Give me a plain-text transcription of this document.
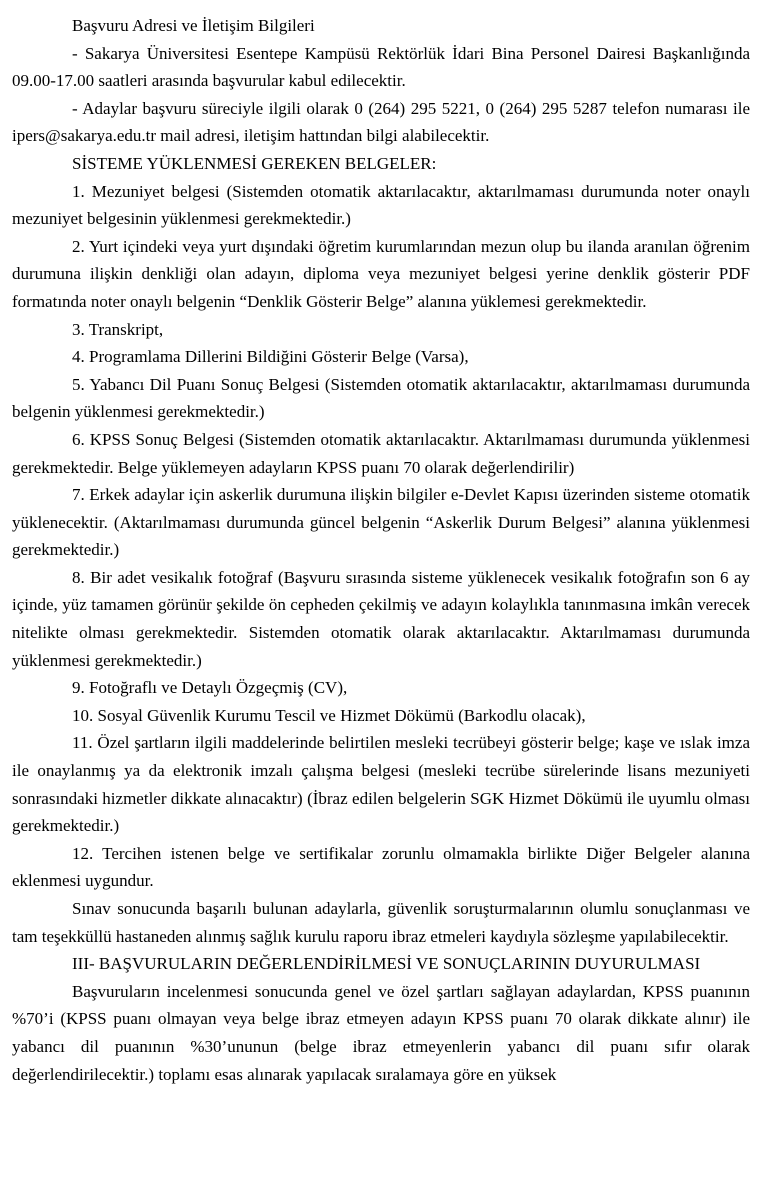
Başvuru Adresi ve İletişim Bilgileri

- Sakarya Üniversitesi Esentepe Kampüsü Rektörlük İdari Bina Personel Dairesi Başkanlığında 09.00-17.00 saatleri arasında başvurular kabul edilecektir.

- Adaylar başvuru süreciyle ilgili olarak 0 (264) 295 5221, 0 (264) 295 5287 telefon numarası ile ipers@sakarya.edu.tr mail adresi, iletişim hattından bilgi alabilecektir.

SİSTEME YÜKLENMESİ GEREKEN BELGELER:

1. Mezuniyet belgesi (Sistemden otomatik aktarılacaktır, aktarılmaması durumunda noter onaylı mezuniyet belgesinin yüklenmesi gerekmektedir.)

2. Yurt içindeki veya yurt dışındaki öğretim kurumlarından mezun olup bu ilanda aranılan öğrenim durumuna ilişkin denkliği olan adayın, diploma veya mezuniyet belgesi yerine denklik gösterir PDF formatında noter onaylı belgenin “Denklik Gösterir Belge” alanına yüklemesi gerekmektedir.

3. Transkript,

4. Programlama Dillerini Bildiğini Gösterir Belge (Varsa),

5. Yabancı Dil Puanı Sonuç Belgesi (Sistemden otomatik aktarılacaktır, aktarılmaması durumunda belgenin yüklenmesi gerekmektedir.)

6. KPSS Sonuç Belgesi (Sistemden otomatik aktarılacaktır. Aktarılmaması durumunda yüklenmesi gerekmektedir. Belge yüklemeyen adayların KPSS puanı 70 olarak değerlendirilir)

7. Erkek adaylar için askerlik durumuna ilişkin bilgiler e-Devlet Kapısı üzerinden sisteme otomatik yüklenecektir. (Aktarılmaması durumunda güncel belgenin “Askerlik Durum Belgesi” alanına yüklenmesi gerekmektedir.)

8. Bir adet vesikalık fotoğraf (Başvuru sırasında sisteme yüklenecek vesikalık fotoğrafın son 6 ay içinde, yüz tamamen görünür şekilde ön cepheden çekilmiş ve adayın kolaylıkla tanınmasına imkân verecek nitelikte olması gerekmektedir. Sistemden otomatik olarak aktarılacaktır. Aktarılmaması durumunda yüklenmesi gerekmektedir.)

9. Fotoğraflı ve Detaylı Özgeçmiş (CV),

10. Sosyal Güvenlik Kurumu Tescil ve Hizmet Dökümü (Barkodlu olacak),

11. Özel şartların ilgili maddelerinde belirtilen mesleki tecrübeyi gösterir belge; kaşe ve ıslak imza ile onaylanmış ya da elektronik imzalı çalışma belgesi (mesleki tecrübe sürelerinde lisans mezuniyeti sonrasındaki hizmetler dikkate alınacaktır) (İbraz edilen belgelerin SGK Hizmet Dökümü ile uyumlu olması gerekmektedir.)

12. Tercihen istenen belge ve sertifikalar zorunlu olmamakla birlikte Diğer Belgeler alanına eklenmesi uygundur.

Sınav sonucunda başarılı bulunan adaylarla, güvenlik soruşturmalarının olumlu sonuçlanması ve tam teşekküllü hastaneden alınmış sağlık kurulu raporu ibraz etmeleri kaydıyla sözleşme yapılabilecektir.

III- BAŞVURULARIN DEĞERLENDİRİLMESİ VE SONUÇLARININ DUYURULMASI

Başvuruların incelenmesi sonucunda genel ve özel şartları sağlayan adaylardan, KPSS puanının %70’i (KPSS puanı olmayan veya belge ibraz etmeyen adayın KPSS puanı 70 olarak dikkate alınır) ile yabancı dil puanının %30’ununun (belge ibraz etmeyenlerin yabancı dil puanı sıfır olarak değerlendirilecektir.) toplamı esas alınarak yapılacak sıralamaya göre en yüksek
